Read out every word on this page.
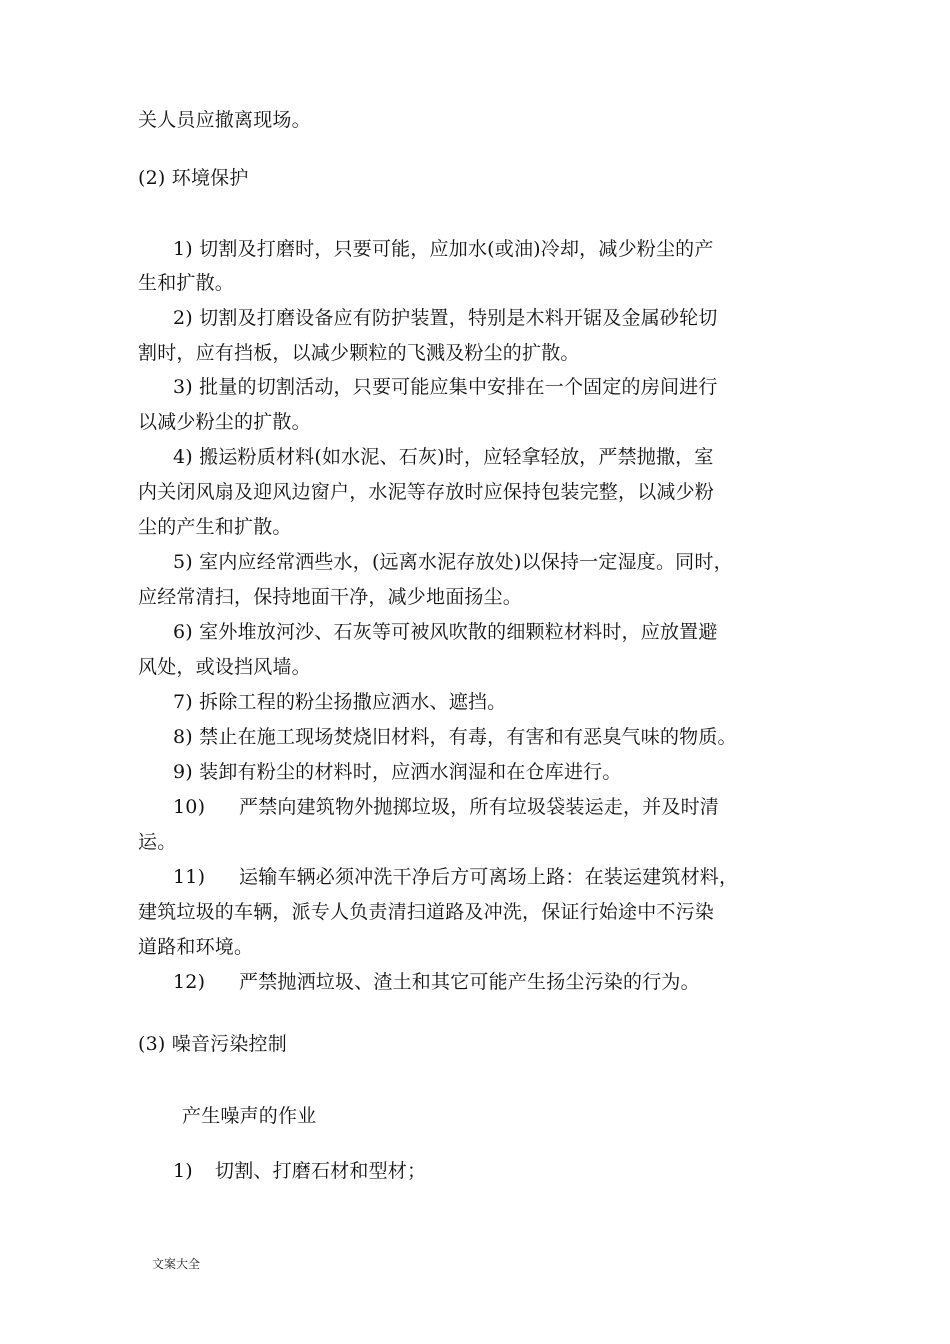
关人员应撤离现场。
(2) 环境保护
1) 切割及打磨时，只要可能，应加水(或油)冷却，减少粉尘的产
生和扩散。
2) 切割及打磨设备应有防护装置，特别是木料开锯及金属砂轮切
割时，应有挡板，以减少颗粒的飞溅及粉尘的扩散。
3) 批量的切割活动，只要可能应集中安排在一个固定的房间进行
以减少粉尘的扩散。
4) 搬运粉质材料(如水泥、石灰)时，应轻拿轻放，严禁抛撒，室
内关闭风扇及迎风边窗户，水泥等存放时应保持包装完整，以减少粉
尘的产生和扩散。
5) 室内应经常洒些水，(远离水泥存放处)以保持一定湿度。同时，
应经常清扫，保持地面干净，减少地面扬尘。
6) 室外堆放河沙、石灰等可被风吹散的细颗粒材料时，应放置避
风处，或设挡风墙。
7) 拆除工程的粉尘扬撒应洒水、遮挡。
8) 禁止在施工现场焚烧旧材料，有毒，有害和有恶臭气味的物质。
9) 装卸有粉尘的材料时，应洒水润湿和在仓库进行。
10) 严禁向建筑物外抛掷垃圾，所有垃圾袋装运走，并及时清
运。
11) 运输车辆必须冲洗干净后方可离场上路：在装运建筑材料，
建筑垃圾的车辆，派专人负责清扫道路及冲洗，保证行始途中不污染
道路和环境。
12) 严禁抛洒垃圾、渣土和其它可能产生扬尘污染的行为。
(3) 噪音污染控制
产生噪声的作业
1) 切割、打磨石材和型材；
文案大全
